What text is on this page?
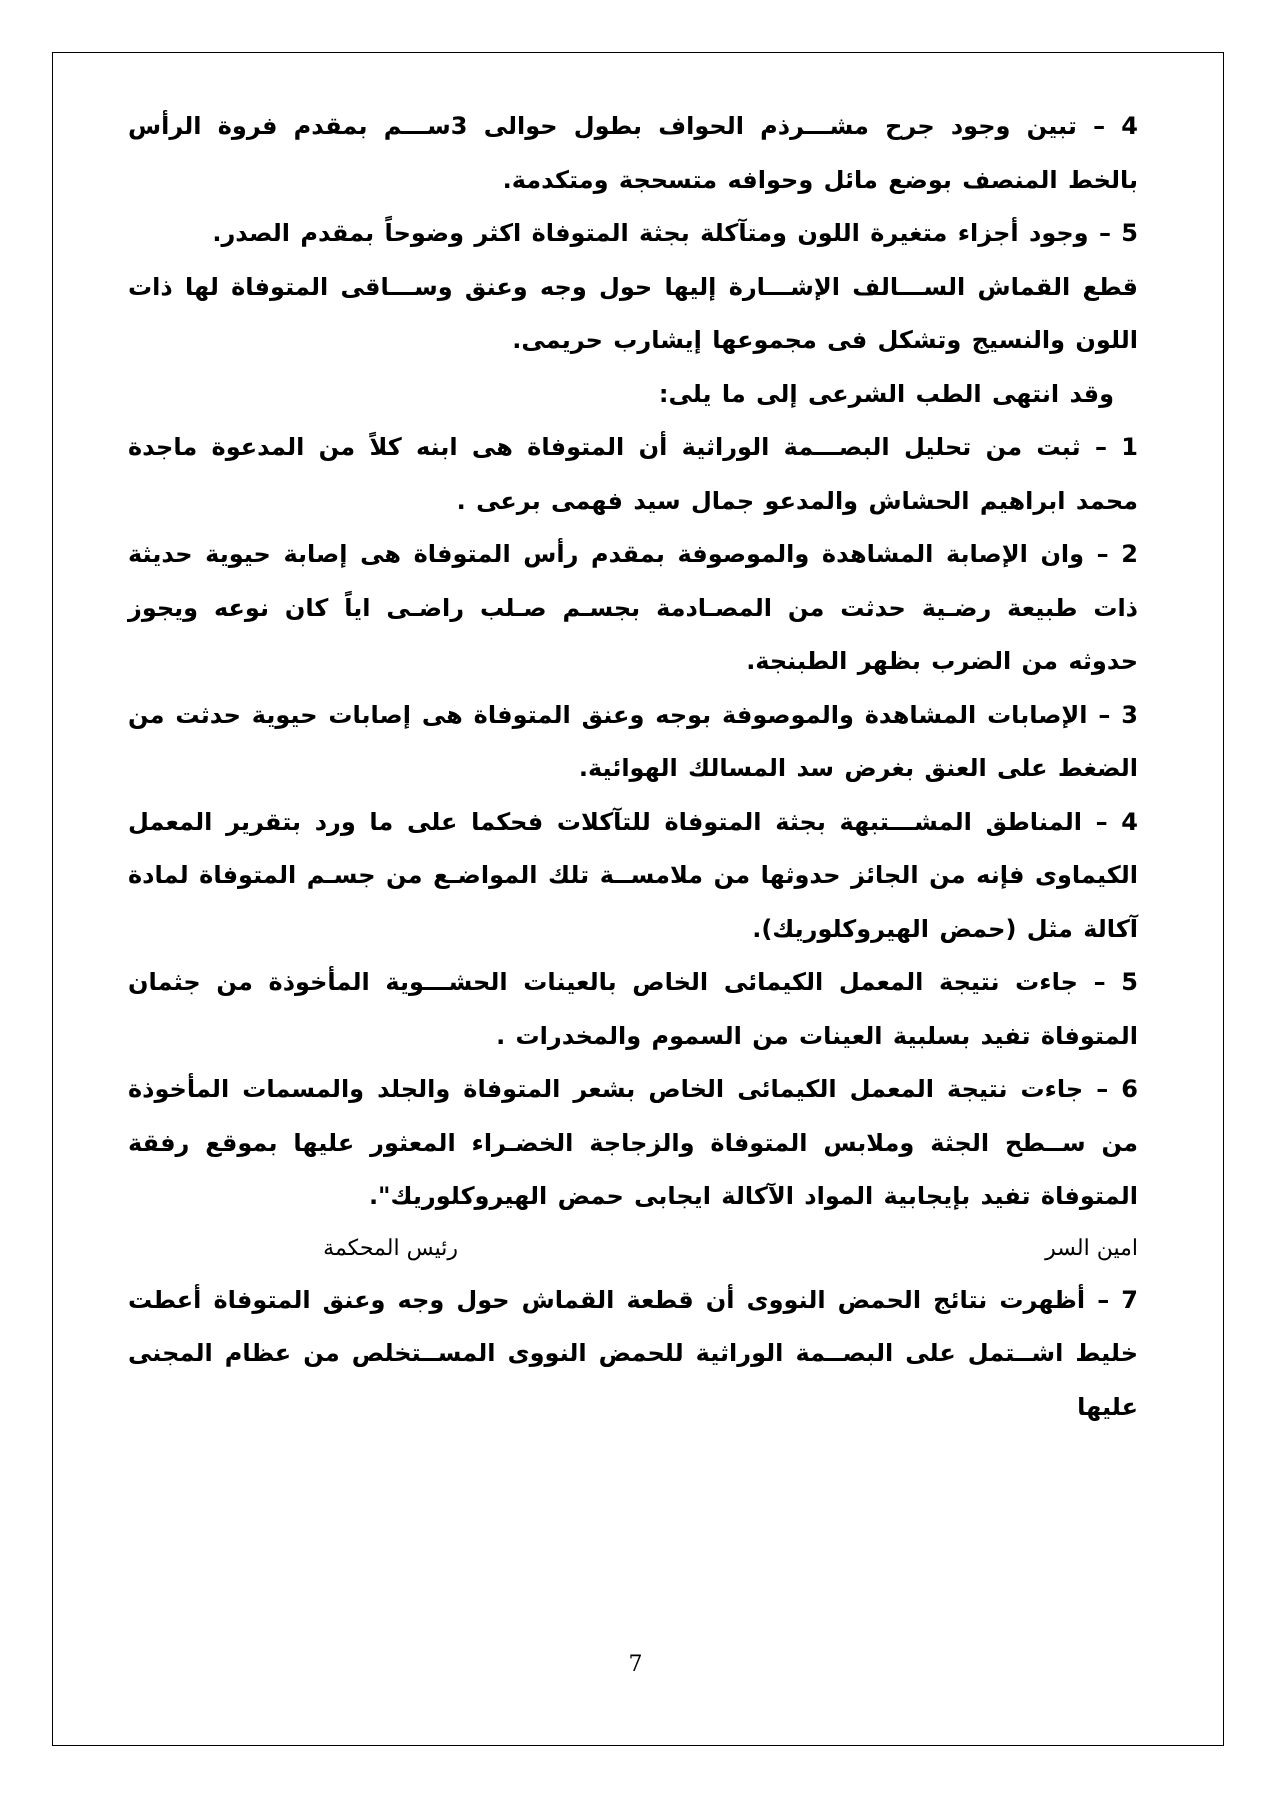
4 – تبين وجود جرح مشـــرذم الحواف بطول حوالى 3ســـم بمقدم فروة الرأس بالخط المنصف بوضع مائل وحوافه متسحجة ومتكدمة.

5 – وجود أجزاء متغيرة اللون ومتآكلة بجثة المتوفاة اكثر وضوحاً بمقدم الصدر.

قطع القماش الســـالف الإشـــارة إليها حول وجه وعنق وســـاقى المتوفاة لها ذات اللون والنسيج وتشكل فى مجموعها إيشارب حريمى.

وقد انتهى الطب الشرعى إلى ما يلى:

1 – ثبت من تحليل البصـــمة الوراثية أن المتوفاة هى ابنه كلاً من المدعوة ماجدة محمد ابراهيم الحشاش والمدعو جمال سيد فهمى برعى .

2 – وان الإصابة المشاهدة والموصوفة بمقدم رأس المتوفاة هى إصابة حيوية حديثة ذات طبيعة رضـية حدثت من المصـادمة بجسـم صـلب راضـى اياً كان نوعه ويجوز حدوثه من الضرب بظهر الطبنجة.

3 – الإصابات المشاهدة والموصوفة بوجه وعنق المتوفاة هى إصابات حيوية حدثت من الضغط على العنق بغرض سد المسالك الهوائية.

4 – المناطق المشـــتبهة بجثة المتوفاة للتآكلات فحكما على ما ورد بتقرير المعمل الكيماوى فإنه من الجائز حدوثها من ملامســة تلك المواضـع من جسـم المتوفاة لمادة آكالة مثل (حمض الهيروكلوريك).

5 – جاءت نتيجة المعمل الكيمائى الخاص بالعينات الحشـــوية المأخوذة من جثمان المتوفاة تفيد بسلبية العينات من السموم والمخدرات .

6 – جاءت نتيجة المعمل الكيمائى الخاص بشعر المتوفاة والجلد والمسمات المأخوذة من ســطح الجثة وملابس المتوفاة والزجاجة الخضـراء المعثور عليها بموقع رفقة المتوفاة تفيد بإيجابية المواد الآكالة ايجابى حمض الهيروكلوريك".

امين السر
رئيس المحكمة

7 – أظهرت نتائج الحمض النووى أن قطعة القماش حول وجه وعنق المتوفاة أعطت خليط اشــتمل على البصــمة الوراثية للحمض النووى المســتخلص من عظام المجنى عليها

7
